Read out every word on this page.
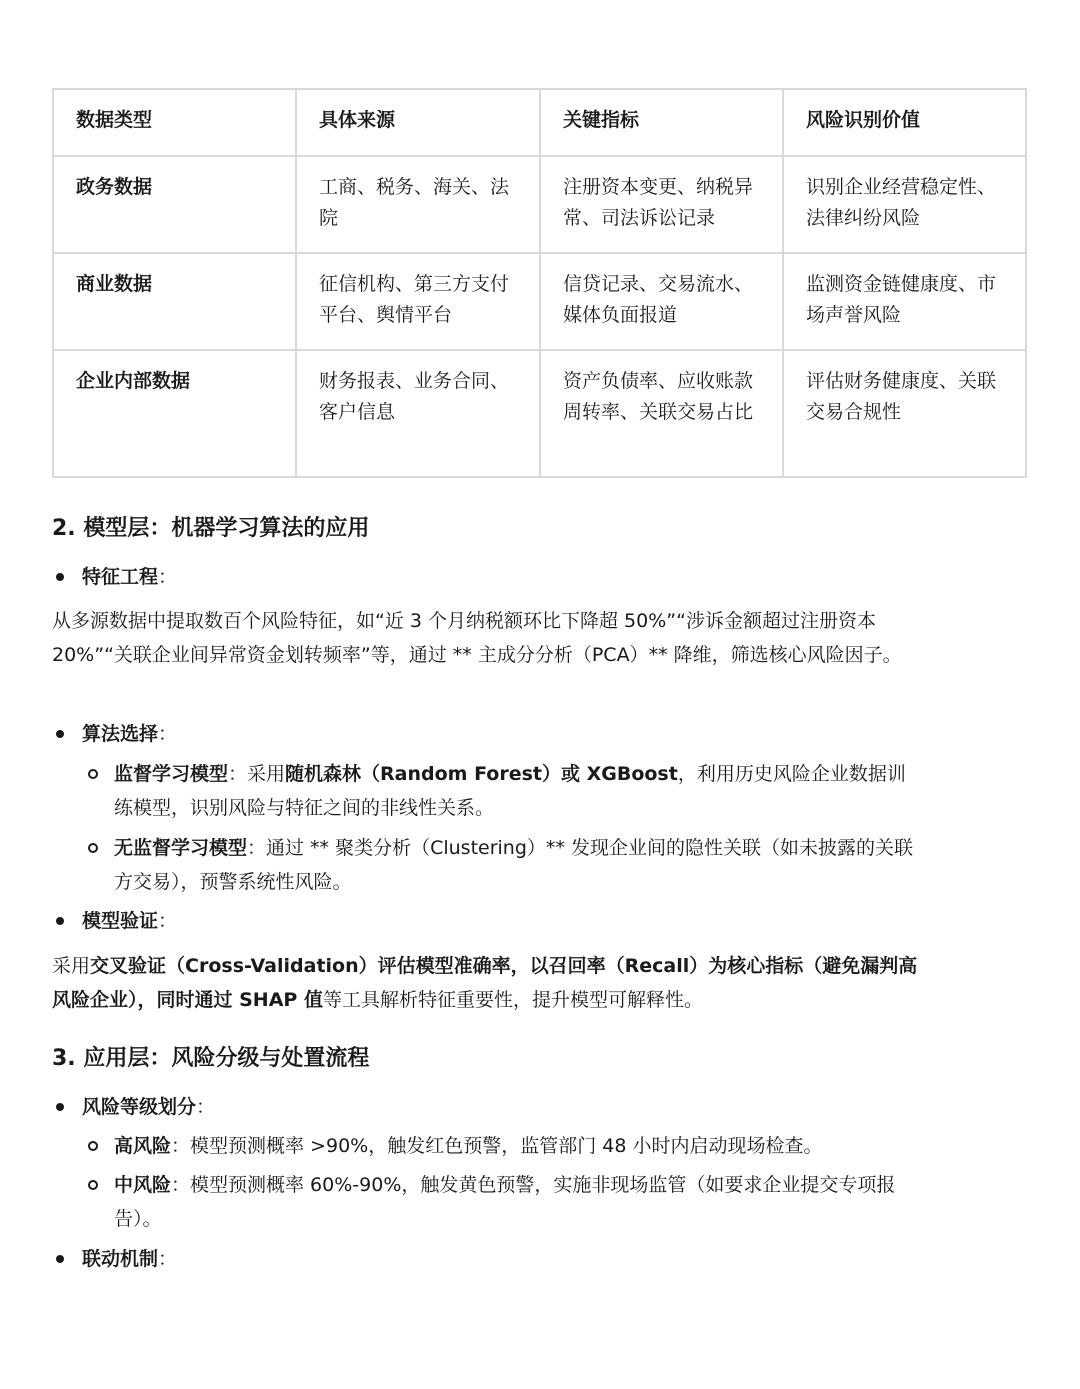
数据类型	具体来源	关键指标	风险识别价值
政务数据	工商、税务、海关、法院	注册资本变更、纳税异常、司法诉讼记录	识别企业经营稳定性、法律纠纷风险
商业数据	征信机构、第三方支付平台、舆情平台	信贷记录、交易流水、媒体负面报道	监测资金链健康度、市场声誉风险
企业内部数据	财务报表、业务合同、客户信息	资产负债率、应收账款周转率、关联交易占比	评估财务健康度、关联交易合规性
2. 模型层：机器学习算法的应用
特征工程：
从多源数据中提取数百个风险特征，如“近 3 个月纳税额环比下降超 50%”“涉诉金额超过注册资本 20%”“关联企业间异常资金划转频率”等，通过 ** 主成分分析（PCA）** 降维，筛选核心风险因子。
算法选择：
监督学习模型：采用随机森林（Random Forest）或 XGBoost，利用历史风险企业数据训练模型，识别风险与特征之间的非线性关系。
无监督学习模型：通过 ** 聚类分析（Clustering）** 发现企业间的隐性关联（如未披露的关联方交易），预警系统性风险。
模型验证：
采用交叉验证（Cross-Validation）评估模型准确率，以召回率（Recall）为核心指标（避免漏判高风险企业），同时通过 SHAP 值等工具解析特征重要性，提升模型可解释性。
3. 应用层：风险分级与处置流程
风险等级划分：
高风险：模型预测概率 >90%，触发红色预警，监管部门 48 小时内启动现场检查。
中风险：模型预测概率 60%-90%，触发黄色预警，实施非现场监管（如要求企业提交专项报告）。
联动机制：
